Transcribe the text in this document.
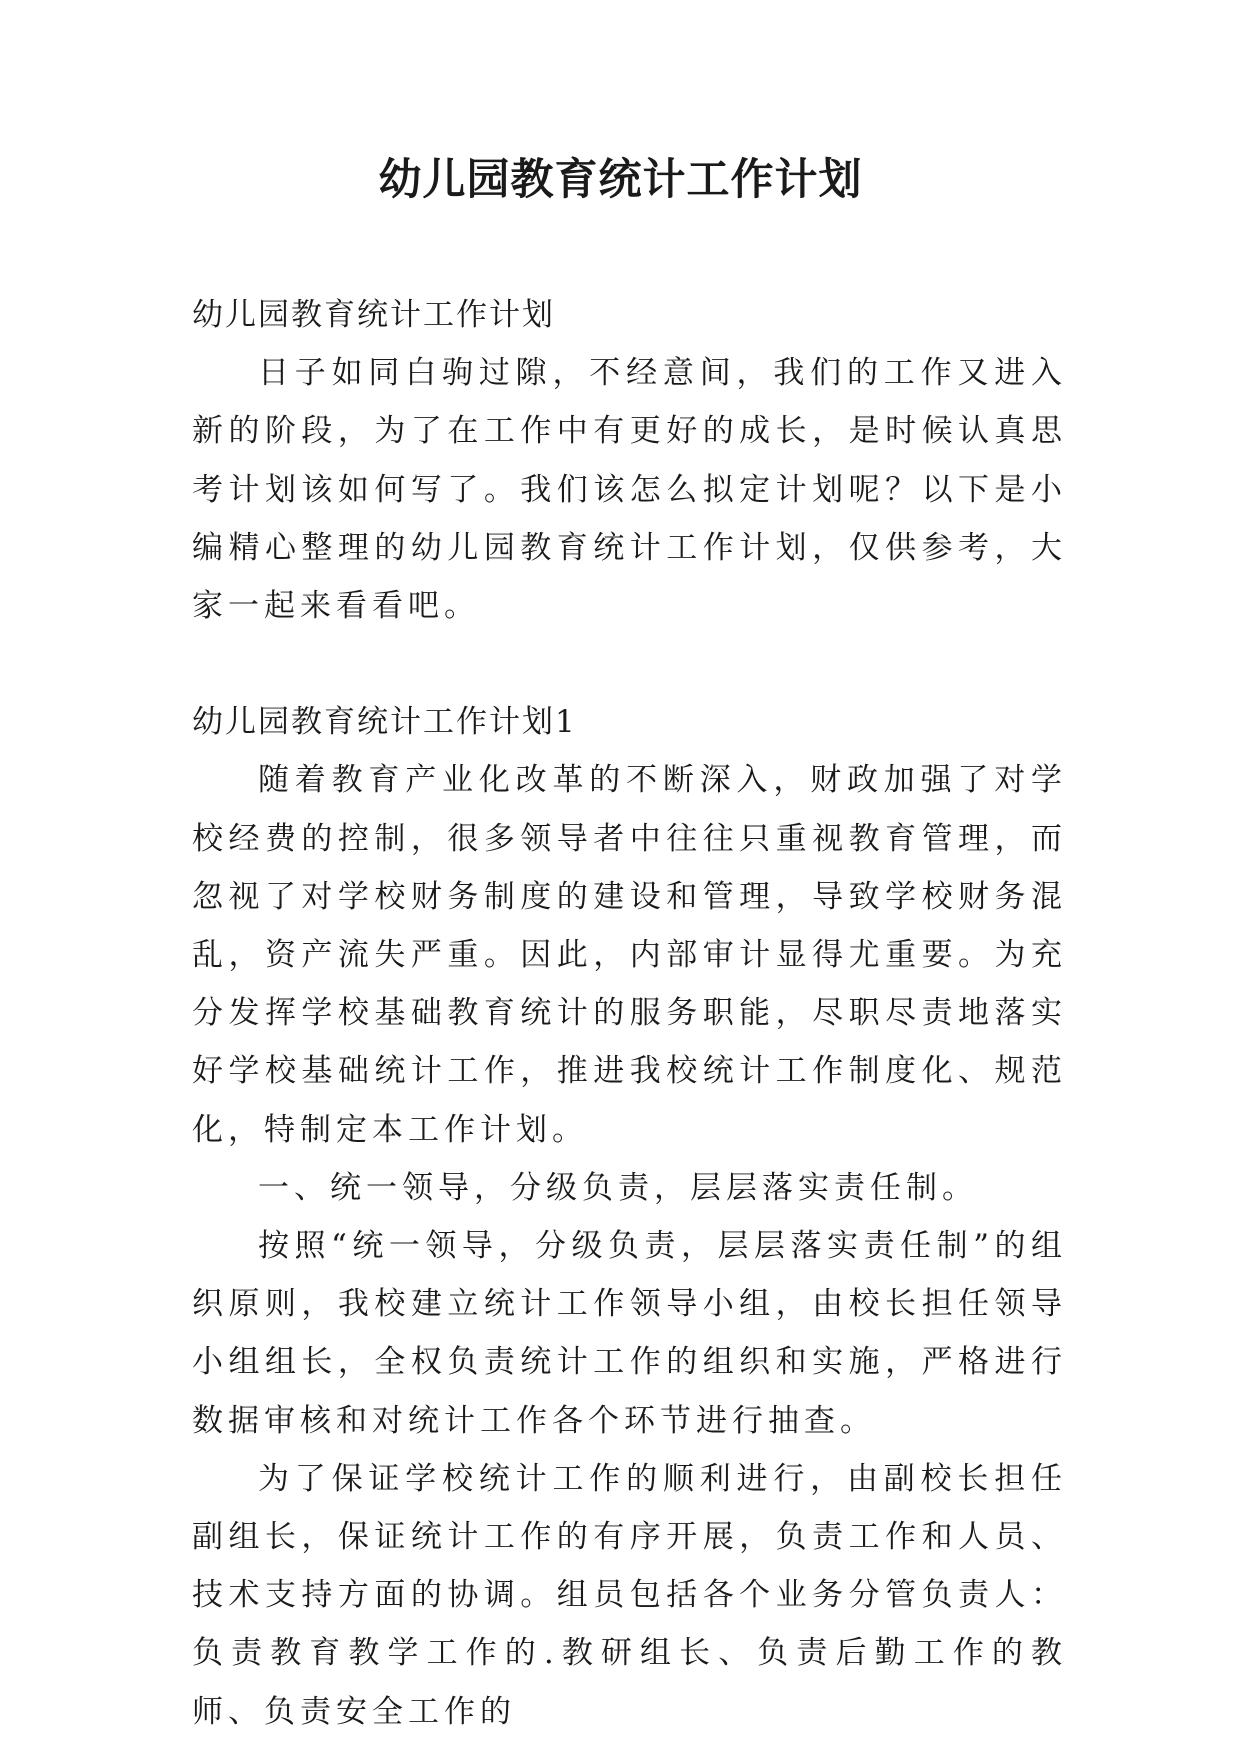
幼儿园教育统计工作计划

幼儿园教育统计工作计划

日子如同白驹过隙，不经意间，我们的工作又进入新的阶段，为了在工作中有更好的成长，是时候认真思考计划该如何写了。我们该怎么拟定计划呢？以下是小编精心整理的幼儿园教育统计工作计划，仅供参考，大家一起来看看吧。

幼儿园教育统计工作计划1

随着教育产业化改革的不断深入，财政加强了对学校经费的控制，很多领导者中往往只重视教育管理，而忽视了对学校财务制度的建设和管理，导致学校财务混乱，资产流失严重。因此，内部审计显得尤重要。为充分发挥学校基础教育统计的服务职能，尽职尽责地落实好学校基础统计工作，推进我校统计工作制度化、规范化，特制定本工作计划。

一、统一领导，分级负责，层层落实责任制。

按照“统一领导，分级负责，层层落实责任制”的组织原则，我校建立统计工作领导小组，由校长担任领导小组组长，全权负责统计工作的组织和实施，严格进行数据审核和对统计工作各个环节进行抽查。

为了保证学校统计工作的顺利进行，由副校长担任副组长，保证统计工作的有序开展，负责工作和人员、技术支持方面的协调。组员包括各个业务分管负责人：负责教育教学工作的.教研组长、负责后勤工作的教师、负责安全工作的
